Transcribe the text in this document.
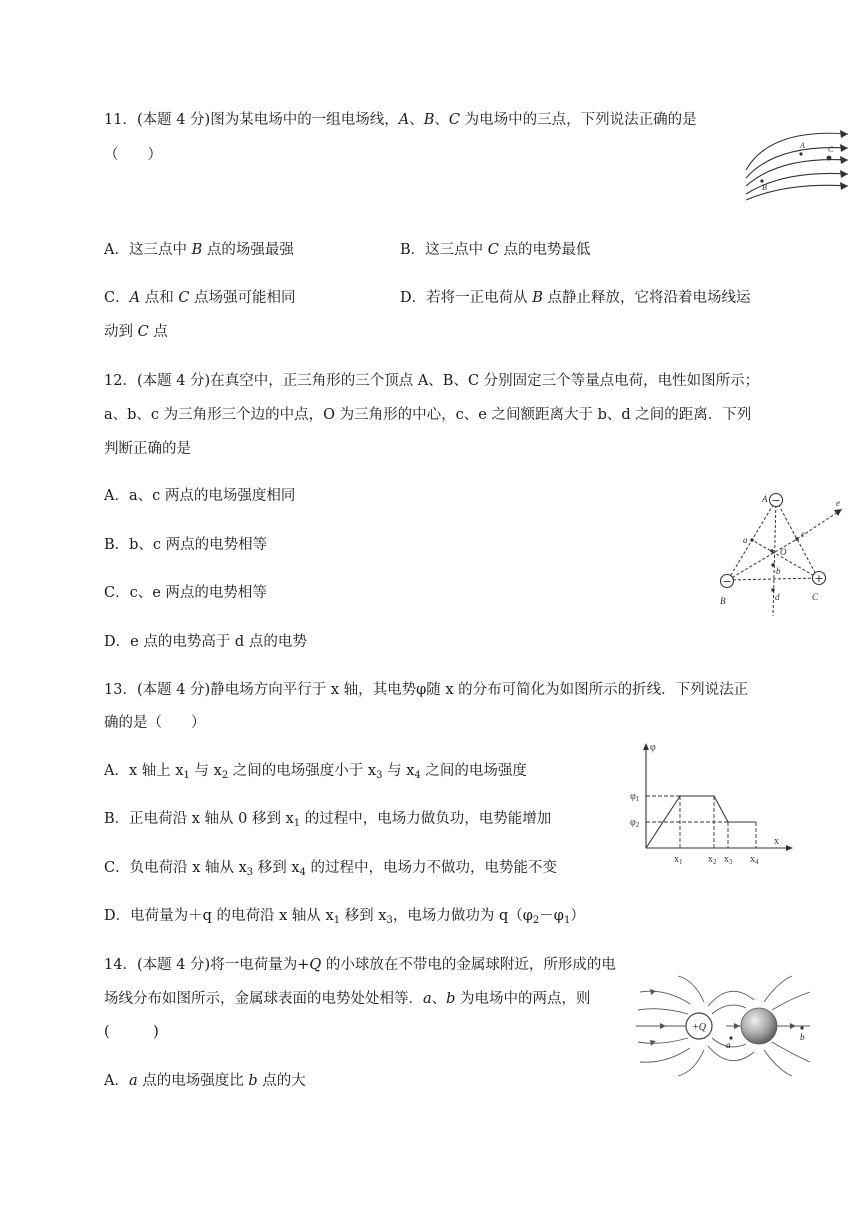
11．(本题 4 分)图为某电场中的一组电场线，A、B、C 为电场中的三点，下列说法正确的是
（　　）
A	C
B
A．这三点中 B 点的场强最强	B．这三点中 C 点的电势最低
C．A 点和 C 点场强可能相同	D．若将一正电荷从 B 点静止释放，它将沿着电场线运
动到 C 点
12．(本题 4 分)在真空中，正三角形的三个顶点 A、B、C 分别固定三个等量点电荷，电性如图所示；
a、b、c 为三角形三个边的中点，O 为三角形的中心，c、e 之间额距离大于 b、d 之间的距离．下列
判断正确的是
A．a、c 两点的电场强度相同
B．b、c 两点的电势相等
C．c、e 两点的电势相等
D．e 点的电势高于 d 点的电势
−
−	+
A
B	C
a
b
c
d
e
O
13．(本题 4 分)静电场方向平行于 x 轴，其电势φ随 x 的分布可简化为如图所示的折线．下列说法正
确的是（　　）
A．x 轴上 $x_1$ 与 $x_2$ 之间的电场强度小于 $x_3$ 与 $x_4$ 之间的电场强度
B．正电荷沿 x 轴从 0 移到 $x_1$ 的过程中，电场力做负功，电势能增加
C．负电荷沿 x 轴从 $x_3$ 移到 $x_4$ 的过程中，电场力不做功，电势能不变
D．电荷量为＋q 的电荷沿 x 轴从 $x_1$ 移到 $x_3$，电场力做功为 $q(\varphi_2-\varphi_1)$
φ
$\varphi_1$
$\varphi_2$
x
$x_1$	$x_2$ $x_3$ $x_4$
14．(本题 4 分)将一电荷量为+Q 的小球放在不带电的金属球附近，所形成的电
场线分布如图所示，金属球表面的电势处处相等．a、b 为电场中的两点，则
(　　　)
A．a 点的电场强度比 b 点的大
+Q
a
b
